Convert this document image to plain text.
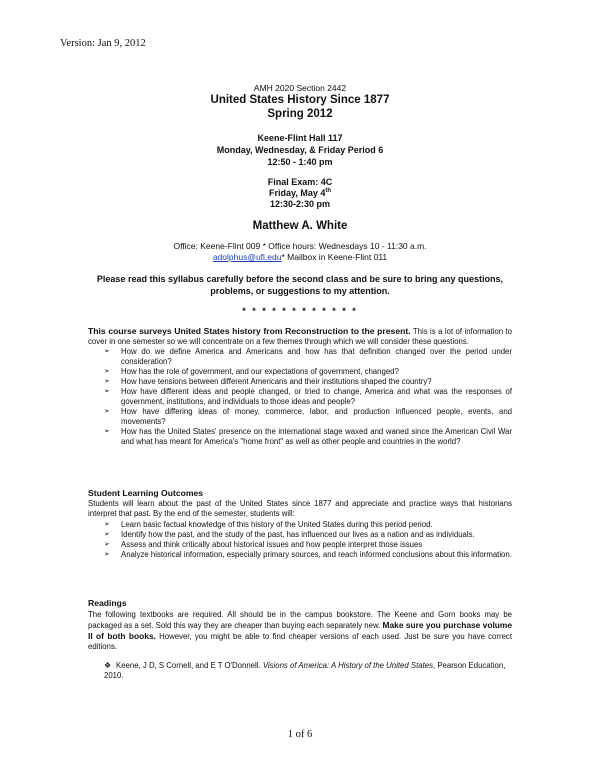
Version: Jan 9, 2012
AMH 2020 Section 2442
United States History Since 1877
Spring 2012
Keene-Flint Hall 117
Monday, Wednesday, & Friday Period 6
12:50 - 1:40 pm
Final Exam: 4C
Friday, May 4th
12:30-2:30 pm
Matthew A. White
Office: Keene-Flint 009 * Office hours: Wednesdays 10 - 11:30 a.m.
adolphus@ufl.edu* Mailbox in Keene-Flint 011
Please read this syllabus carefully before the second class and be sure to bring any questions, problems, or suggestions to my attention.
* * * * * * * * * * * *
This course surveys United States history from Reconstruction to the present. This is a lot of information to cover in one semester so we will concentrate on a few themes through which we will consider these questions.
➢ How do we define America and Americans and how has that definition changed over the period under consideration?
➢ How has the role of government, and our expectations of government, changed?
➢ How have tensions between different Americans and their institutions shaped the country?
➢ How have different ideas and people changed, or tried to change, America and what was the responses of government, institutions, and individuals to those ideas and people?
➢ How have differing ideas of money, commerce, labor, and production influenced people, events, and movements?
➢ How has the United States' presence on the international stage waxed and waned since the American Civil War and what has meant for America's "home front" as well as other people and countries in the world?
Student Learning Outcomes
Students will learn about the past of the United States since 1877 and appreciate and practice ways that historians interpret that past. By the end of the semester, students will:
➢ Learn basic factual knowledge of this history of the United States during this period period.
➢ Identify how the past, and the study of the past, has influenced our lives as a nation and as individuals.
➢ Assess and think critically about historical issues and how people interpret those issues
➢ Analyze historical information, especially primary sources, and reach informed conclusions about this information.
Readings
The following textbooks are required. All should be in the campus bookstore. The Keene and Gorn books may be packaged as a set. Sold this way they are cheaper than buying each separately new. Make sure you purchase volume II of both books. However, you might be able to find cheaper versions of each used. Just be sure you have correct editions.
❖ Keene, J D, S Cornell, and E T O'Donnell. Visions of America: A History of the United States, Pearson Education, 2010.
1 of 6
